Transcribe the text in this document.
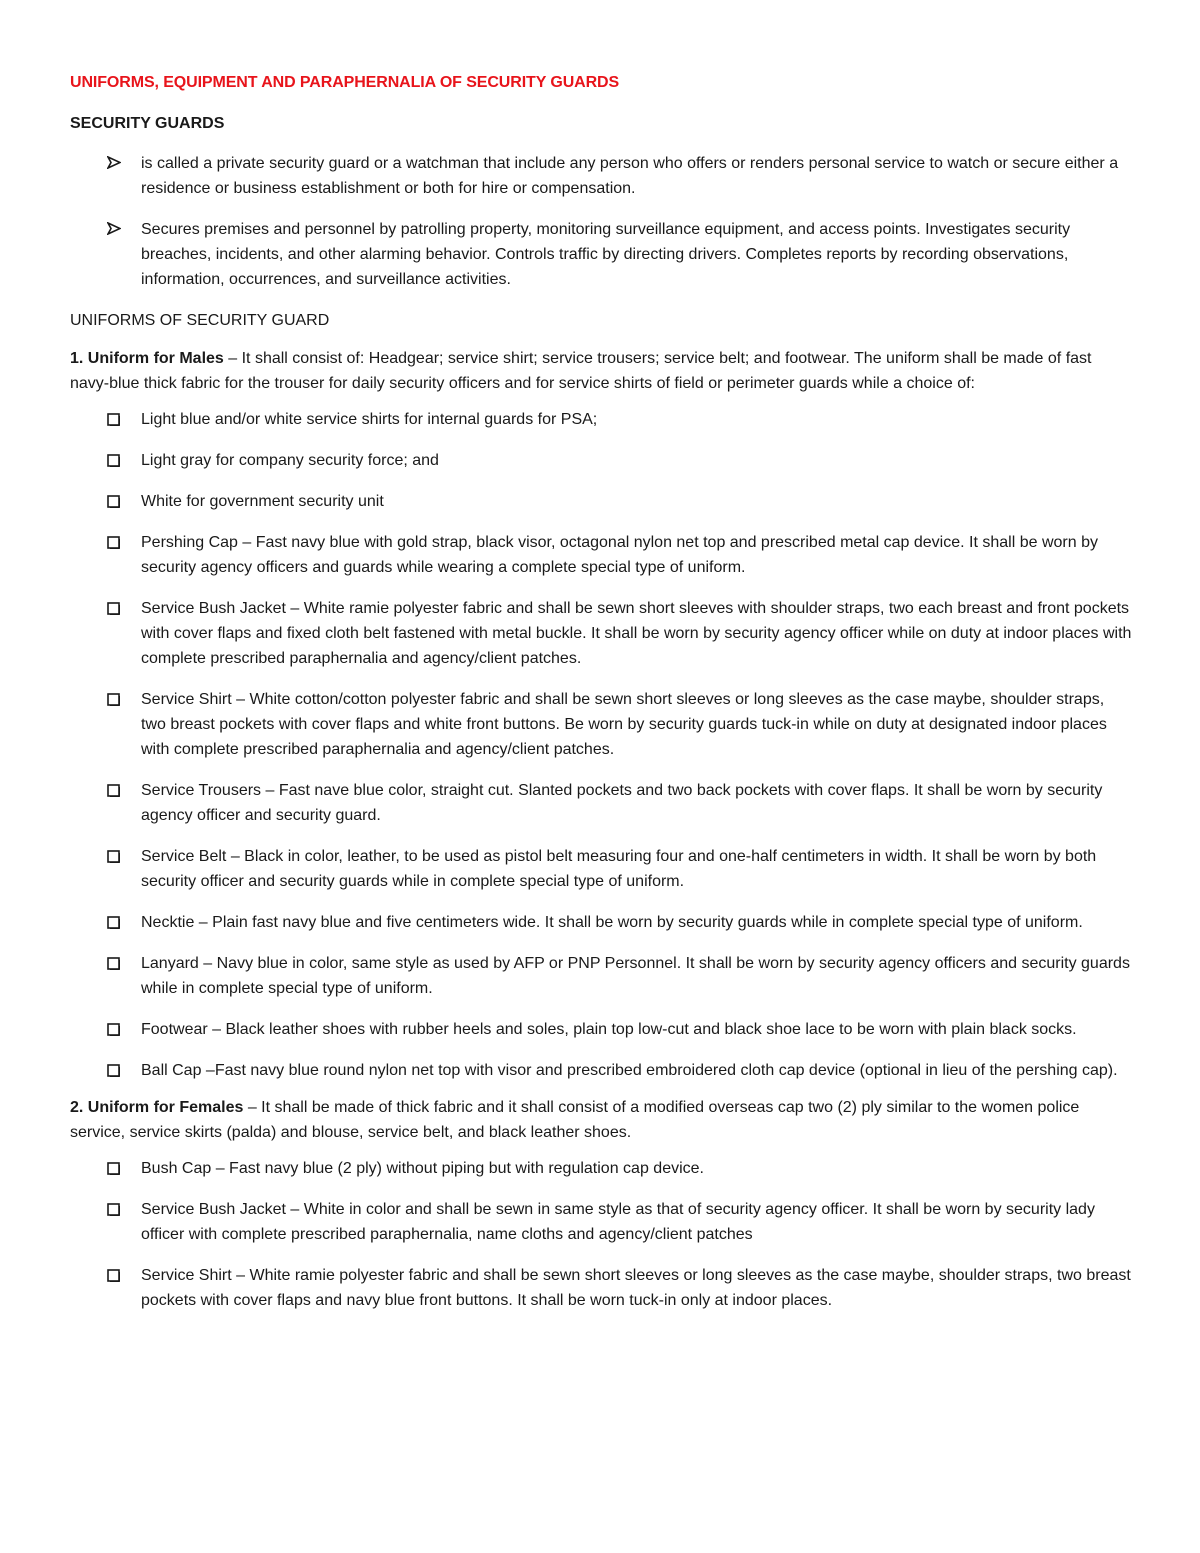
UNIFORMS, EQUIPMENT AND PARAPHERNALIA OF SECURITY GUARDS
SECURITY GUARDS
is called a private security guard or a watchman that include any person who offers or renders personal service to watch or secure either a residence or business establishment or both for hire or compensation.
Secures premises and personnel by patrolling property, monitoring surveillance equipment, and access points. Investigates security breaches, incidents, and other alarming behavior. Controls traffic by directing drivers. Completes reports by recording observations, information, occurrences, and surveillance activities.
UNIFORMS OF SECURITY GUARD

1. Uniform for Males – It shall consist of: Headgear; service shirt; service trousers; service belt; and footwear. The uniform shall be made of fast navy-blue thick fabric for the trouser for daily security officers and for service shirts of field or perimeter guards while a choice of:

Light blue and/or white service shirts for internal guards for PSA;
Light gray for company security force; and
White for government security unit
Pershing Cap – Fast navy blue with gold strap, black visor, octagonal nylon net top and prescribed metal cap device. It shall be worn by security agency officers and guards while wearing a complete special type of uniform.
Service Bush Jacket – White ramie polyester fabric and shall be sewn short sleeves with shoulder straps, two each breast and front pockets with cover flaps and fixed cloth belt fastened with metal buckle. It shall be worn by security agency officer while on duty at indoor places with complete prescribed paraphernalia and agency/client patches.
Service Shirt – White cotton/cotton polyester fabric and shall be sewn short sleeves or long sleeves as the case maybe, shoulder straps, two breast pockets with cover flaps and white front buttons. Be worn by security guards tuck-in while on duty at designated indoor places with complete prescribed paraphernalia and agency/client patches.
Service Trousers – Fast nave blue color, straight cut. Slanted pockets and two back pockets with cover flaps. It shall be worn by security agency officer and security guard.
Service Belt – Black in color, leather, to be used as pistol belt measuring four and one-half centimeters in width. It shall be worn by both security officer and security guards while in complete special type of uniform.
Necktie – Plain fast navy blue and five centimeters wide. It shall be worn by security guards while in complete special type of uniform.
Lanyard – Navy blue in color, same style as used by AFP or PNP Personnel. It shall be worn by security agency officers and security guards while in complete special type of uniform.
Footwear – Black leather shoes with rubber heels and soles, plain top low-cut and black shoe lace to be worn with plain black socks.
Ball Cap –Fast navy blue round nylon net top with visor and prescribed embroidered cloth cap device (optional in lieu of the pershing cap).

2. Uniform for Females – It shall be made of thick fabric and it shall consist of a modified overseas cap two (2) ply similar to the women police service, service skirts (palda) and blouse, service belt, and black leather shoes.

Bush Cap – Fast navy blue (2 ply) without piping but with regulation cap device.
Service Bush Jacket – White in color and shall be sewn in same style as that of security agency officer. It shall be worn by security lady officer with complete prescribed paraphernalia, name cloths and agency/client patches
Service Shirt – White ramie polyester fabric and shall be sewn short sleeves or long sleeves as the case maybe, shoulder straps, two breast pockets with cover flaps and navy blue front buttons. It shall be worn tuck-in only at indoor places.
